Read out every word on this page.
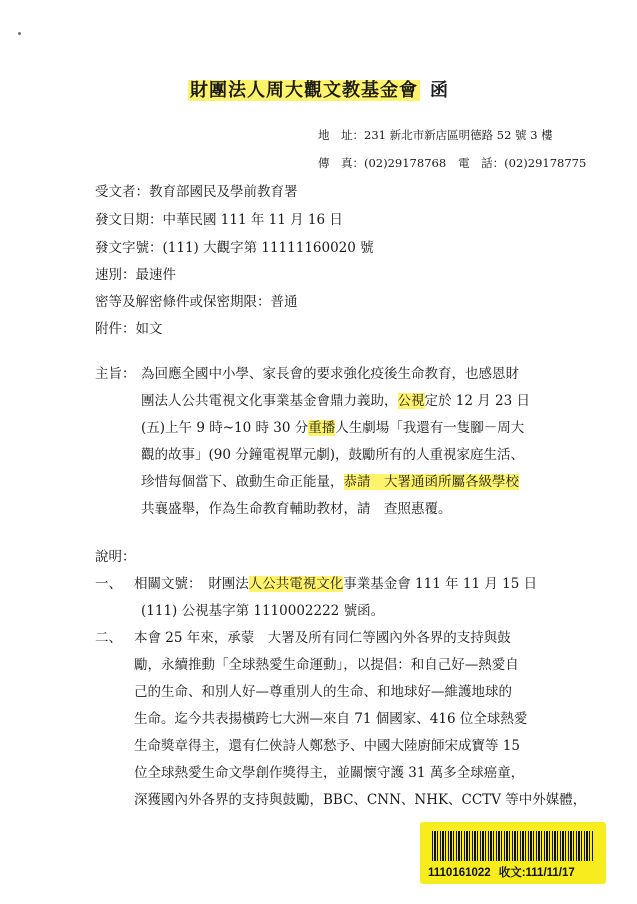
財團法人周大觀文教基金會 函
地　址：231 新北市新店區明德路 52 號 3 樓
傳　真：(02)29178768 電　話：(02)29178775
受文者：教育部國民及學前教育署
發文日期：中華民國 111 年 11 月 16 日
發文字號：(111) 大觀字第 11111160020 號
速別：最速件
密等及解密條件或保密期限：普通
附件：如文
主旨： 為回應全國中小學、家長會的要求強化疫後生命教育，也感恩財
團法人公共電視文化事業基金會鼎力義助，公視定於 12 月 23 日
(五)上午 9 時~10 時 30 分重播人生劇場「我還有一隻腳－周大
觀的故事」(90 分鐘電視單元劇)，鼓勵所有的人重視家庭生活、
珍惜每個當下、啟動生命正能量，恭請　大署通函所屬各級學校
共襄盛舉，作為生命教育輔助教材，請　查照惠覆。
說明：
一、 相關文號：　財團法人公共電視文化事業基金會 111 年 11 月 15 日
(111) 公視基字第 1110002222 號函。
二、 本會 25 年來，承蒙　大署及所有同仁等國內外各界的支持與鼓
勵，永續推動「全球熱愛生命運動」，以提倡：和自己好—熱愛自
己的生命、和別人好—尊重別人的生命、和地球好—維護地球的
生命。迄今共表揚橫跨七大洲—來自 71 個國家、416 位全球熱愛
生命獎章得主，還有仁俠詩人鄭愁予、中國大陸廚師宋成寶等 15
位全球熱愛生命文學創作獎得主，並關懷守護 31 萬多全球癌童，
深獲國內外各界的支持與鼓勵，BBC、CNN、NHK、CCTV 等中外媒體，
1110161022 收文:111/11/17
